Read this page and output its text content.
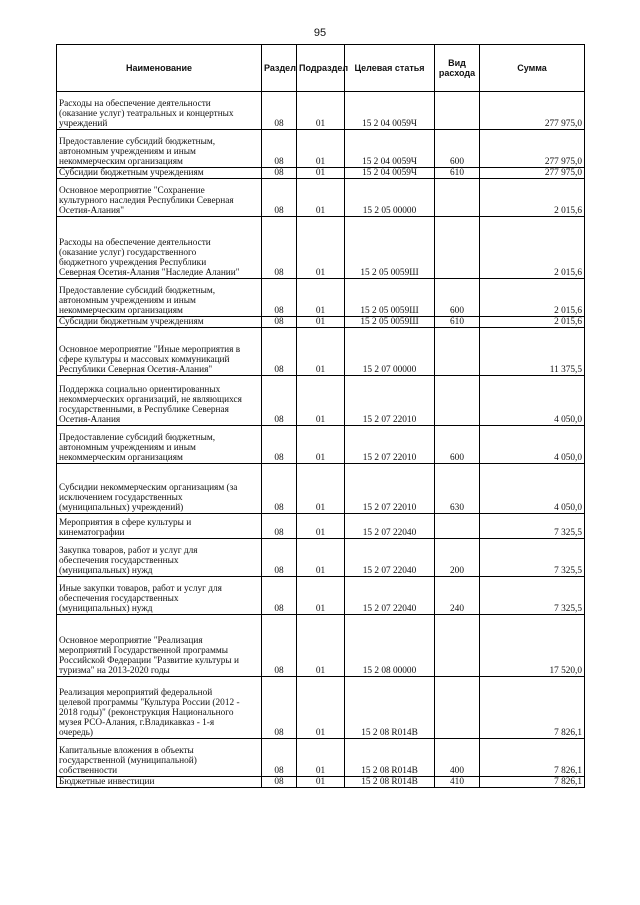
95
Наименование	Раздел	Подраздел	Целевая статья	Вид расхода	Сумма

Расходы на обеспечение деятельности
(оказание услуг) театральных и концертных
учреждений	08	01	15 2 04 0059Ч		277 975,0

Предоставление субсидий бюджетным,
автономным учреждениям и иным
некоммерческим организациям	08	01	15 2 04 0059Ч	600	277 975,0

Субсидии бюджетным учреждениям	08	01	15 2 04 0059Ч	610	277 975,0

Основное мероприятие "Сохранение
культурного наследия Республики Северная
Осетия-Алания"	08	01	15 2 05 00000		2 015,6

Расходы на обеспечение деятельности
(оказание услуг) государственного
бюджетного учреждения Республики
Северная Осетия-Алания "Наследие Алании"	08	01	15 2 05 0059Ш		2 015,6

Предоставление субсидий бюджетным,
автономным учреждениям и иным
некоммерческим организациям	08	01	15 2 05 0059Ш	600	2 015,6

Субсидии бюджетным учреждениям	08	01	15 2 05 0059Ш	610	2 015,6

Основное мероприятие "Иные мероприятия в
сфере культуры и массовых коммуникаций
Республики Северная Осетия-Алания"	08	01	15 2 07 00000		11 375,5

Поддержка социально ориентированных
некоммерческих организаций, не являющихся
государственными, в Республике Северная
Осетия-Алания	08	01	15 2 07 22010		4 050,0

Предоставление субсидий бюджетным,
автономным учреждениям и иным
некоммерческим организациям	08	01	15 2 07 22010	600	4 050,0

Субсидии некоммерческим организациям (за
исключением государственных
(муниципальных) учреждений)	08	01	15 2 07 22010	630	4 050,0

Мероприятия в сфере культуры и
кинематографии	08	01	15 2 07 22040		7 325,5

Закупка товаров, работ и услуг для
обеспечения государственных
(муниципальных) нужд	08	01	15 2 07 22040	200	7 325,5

Иные закупки товаров, работ и услуг для
обеспечения государственных
(муниципальных) нужд	08	01	15 2 07 22040	240	7 325,5

Основное мероприятие "Реализация
мероприятий Государственной программы
Российской Федерации "Развитие культуры и
туризма" на 2013-2020 годы	08	01	15 2 08 00000		17 520,0

Реализация мероприятий федеральной
целевой программы "Культура России (2012 -
2018 годы)" (реконструкция Национального
музея РСО-Алания, г.Владикавказ - 1-я
очередь)	08	01	15 2 08 R014B		7 826,1

Капитальные вложения в объекты
государственной (муниципальной)
собственности	08	01	15 2 08 R014B	400	7 826,1

Бюджетные инвестиции	08	01	15 2 08 R014B	410	7 826,1
